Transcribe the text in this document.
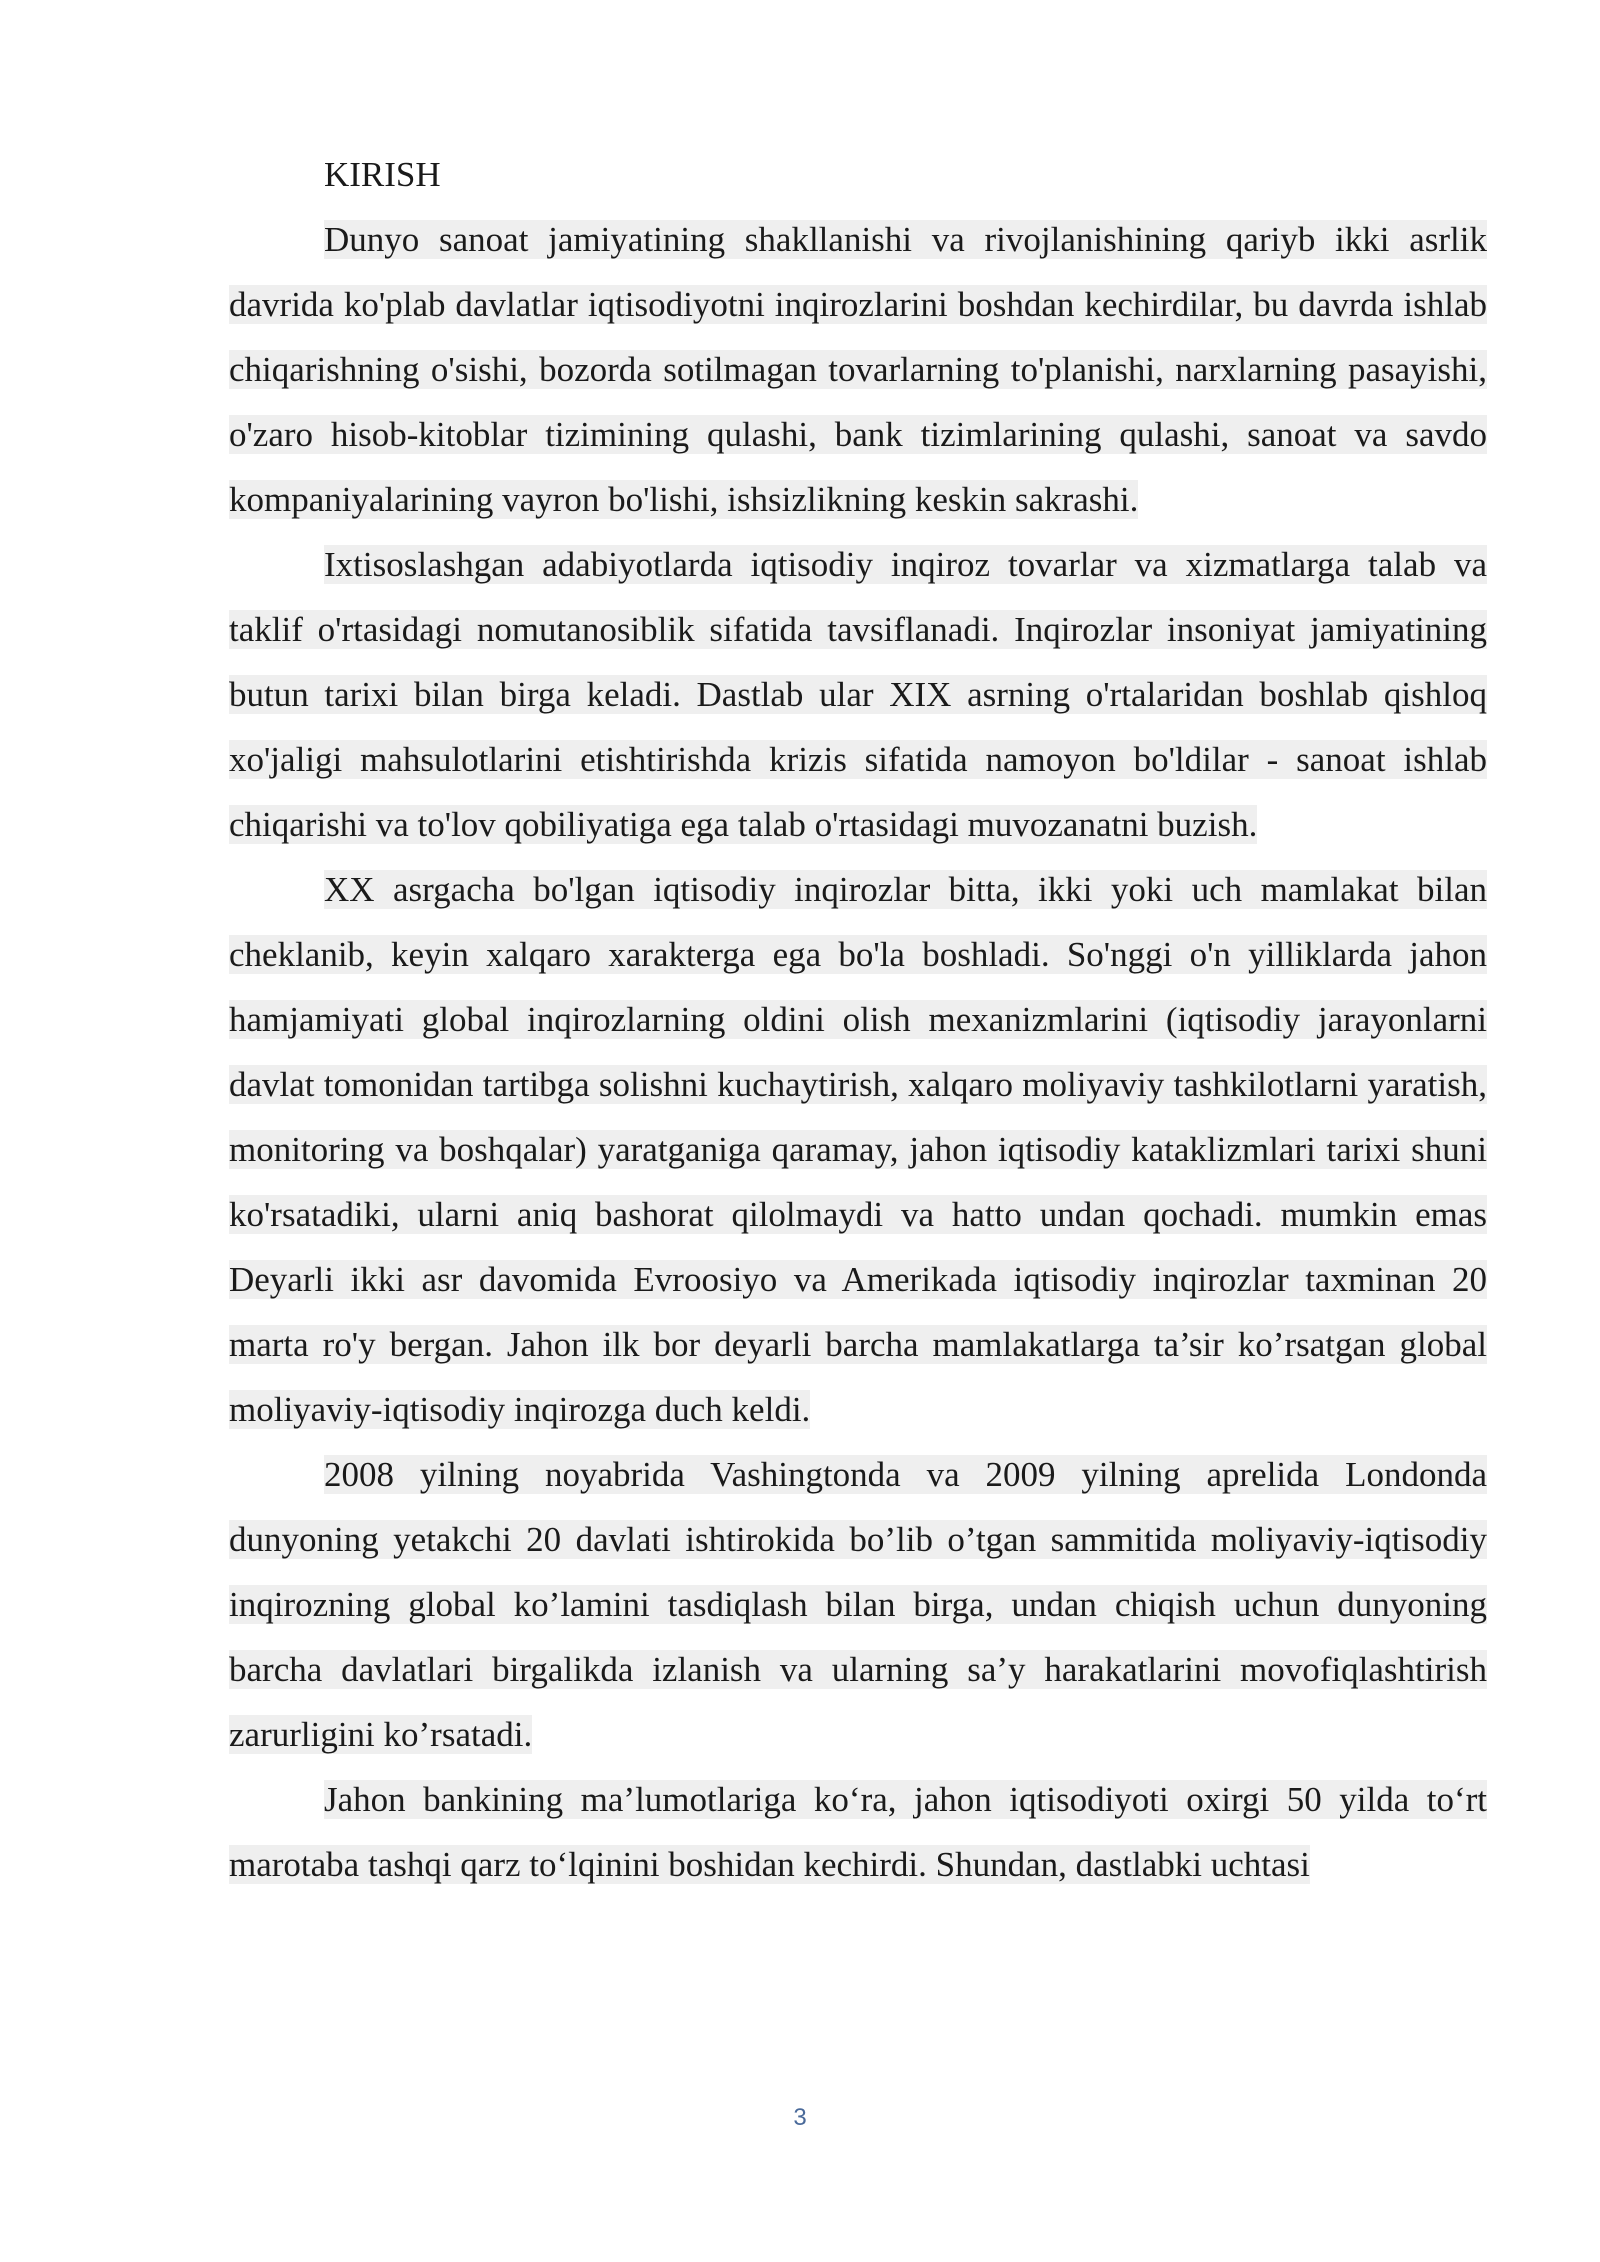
KIRISH

Dunyo sanoat jamiyatining shakllanishi va rivojlanishining qariyb ikki asrlik davrida ko'plab davlatlar iqtisodiyotni inqirozlarini boshdan kechirdilar, bu davrda ishlab chiqarishning o'sishi, bozorda sotilmagan tovarlarning to'planishi, narxlarning pasayishi, o'zaro hisob-kitoblar tizimining qulashi, bank tizimlarining qulashi, sanoat va savdo kompaniyalarining vayron bo'lishi, ishsizlikning keskin sakrashi.

Ixtisoslashgan adabiyotlarda iqtisodiy inqiroz tovarlar va xizmatlarga talab va taklif o'rtasidagi nomutanosiblik sifatida tavsiflanadi. Inqirozlar insoniyat jamiyatining butun tarixi bilan birga keladi. Dastlab ular XIX asrning o'rtalaridan boshlab qishloq xo'jaligi mahsulotlarini etishtirishda krizis sifatida namoyon bo'ldilar - sanoat ishlab chiqarishi va to'lov qobiliyatiga ega talab o'rtasidagi muvozanatni buzish.

XX asrgacha bo'lgan iqtisodiy inqirozlar bitta, ikki yoki uch mamlakat bilan cheklanib, keyin xalqaro xarakterga ega bo'la boshladi. So'nggi o'n yilliklarda jahon hamjamiyati global inqirozlarning oldini olish mexanizmlarini (iqtisodiy jarayonlarni davlat tomonidan tartibga solishni kuchaytirish, xalqaro moliyaviy tashkilotlarni yaratish, monitoring va boshqalar) yaratganiga qaramay, jahon iqtisodiy kataklizmlari tarixi shuni ko'rsatadiki, ularni aniq bashorat qilolmaydi va hatto undan qochadi. mumkin emas Deyarli ikki asr davomida Evroosiyo va Amerikada iqtisodiy inqirozlar taxminan 20 marta ro'y bergan. Jahon ilk bor deyarli barcha mamlakatlarga ta’sir ko’rsatgan global moliyaviy-iqtisodiy inqirozga duch keldi.

2008 yilning noyabrida Vashingtonda va 2009 yilning aprelida Londonda dunyoning yetakchi 20 davlati ishtirokida bo’lib o’tgan sammitida moliyaviy-iqtisodiy inqirozning global ko’lamini tasdiqlash bilan birga, undan chiqish uchun dunyoning barcha davlatlari birgalikda izlanish va ularning sa’y harakatlarini movofiqlashtirish zarurligini ko’rsatadi.

Jahon bankining ma’lumotlariga ko‘ra, jahon iqtisodiyoti oxirgi 50 yilda to‘rt marotaba tashqi qarz to‘lqinini boshidan kechirdi. Shundan, dastlabki uchtasi

3
